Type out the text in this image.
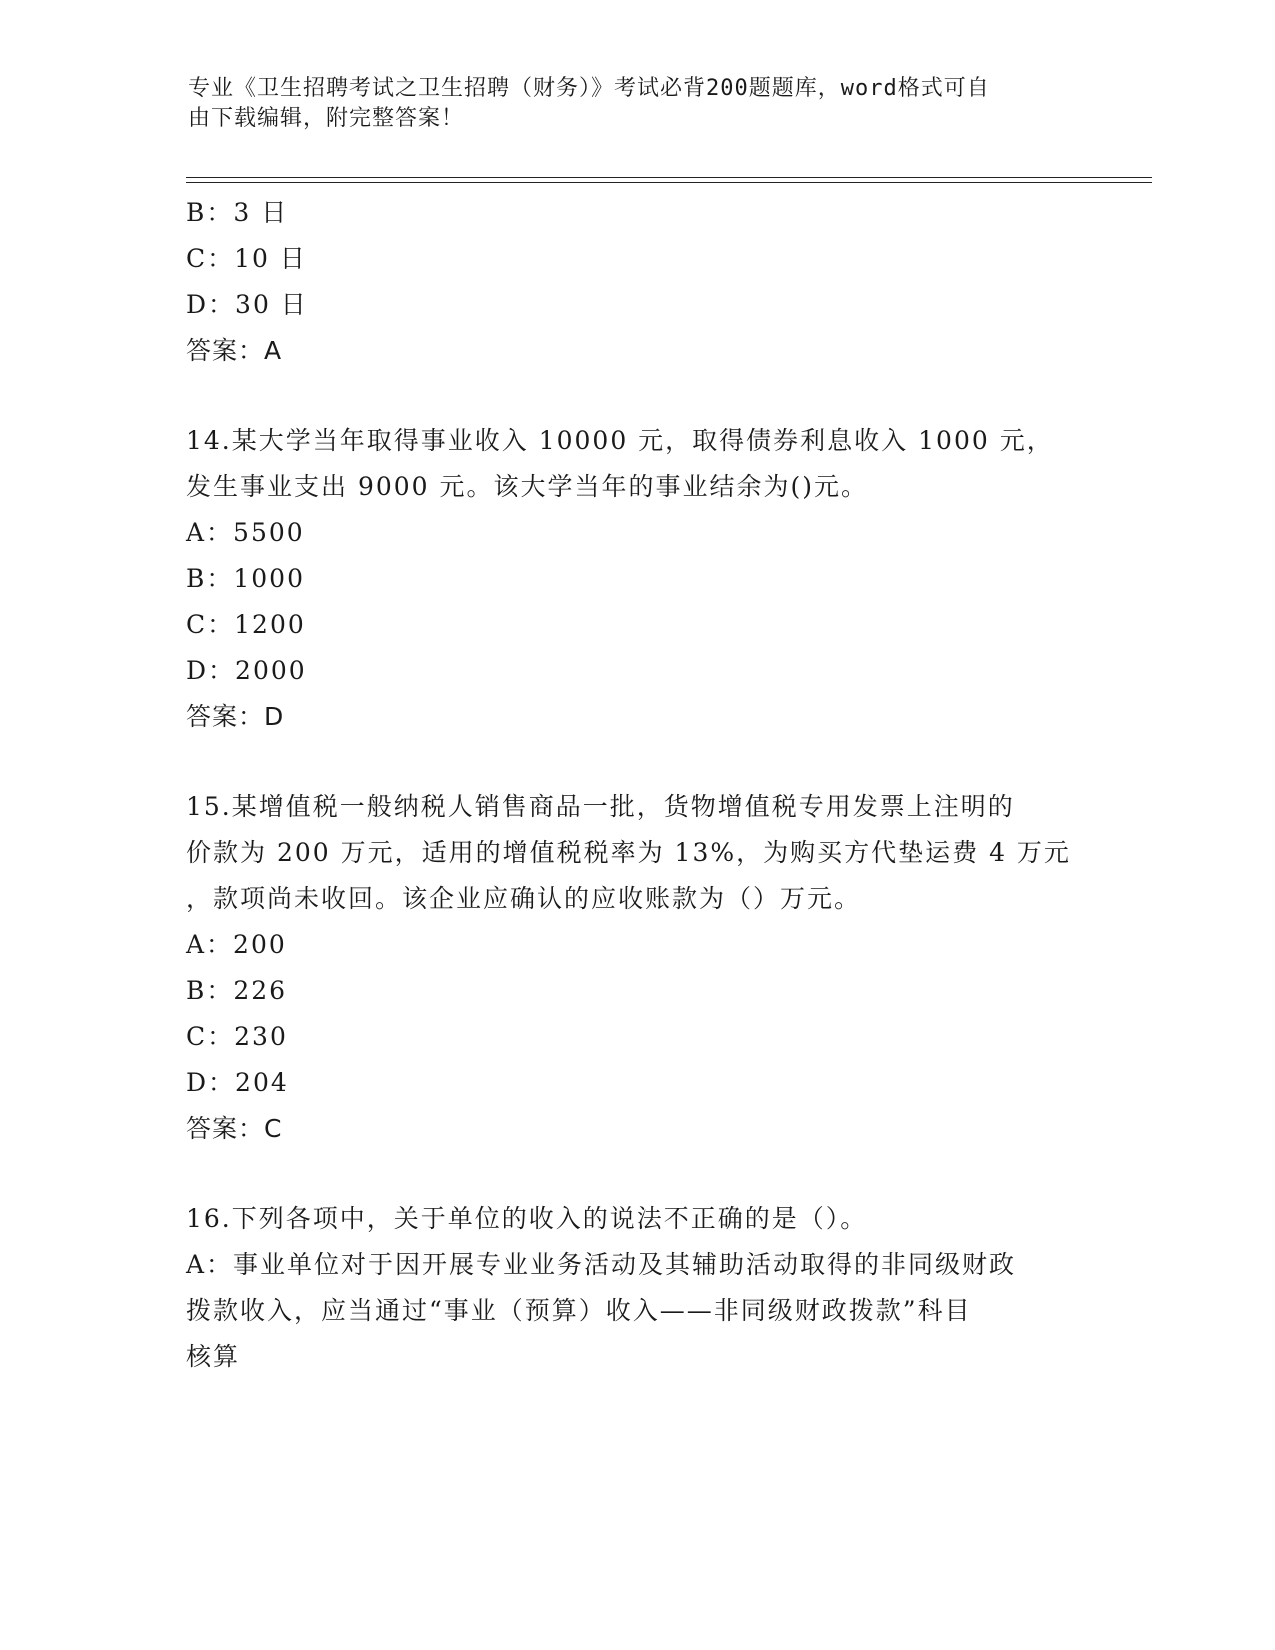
专业《卫生招聘考试之卫生招聘（财务）》考试必背200题题库，word格式可自
由下载编辑，附完整答案！
B：3 日
C：10 日
D：30 日
答案：A
14.某大学当年取得事业收入 10000 元，取得债券利息收入 1000 元，
发生事业支出 9000 元。该大学当年的事业结余为()元。
A：5500
B：1000
C：1200
D：2000
答案：D
15.某增值税一般纳税人销售商品一批，货物增值税专用发票上注明的
价款为 200 万元，适用的增值税税率为 13%，为购买方代垫运费 4 万元
，款项尚未收回。该企业应确认的应收账款为（）万元。
A：200
B：226
C：230
D：204
答案：C
16.下列各项中，关于单位的收入的说法不正确的是（）。
A：事业单位对于因开展专业业务活动及其辅助活动取得的非同级财政
拨款收入，应当通过“事业（预算）收入——非同级财政拨款”科目
核算
